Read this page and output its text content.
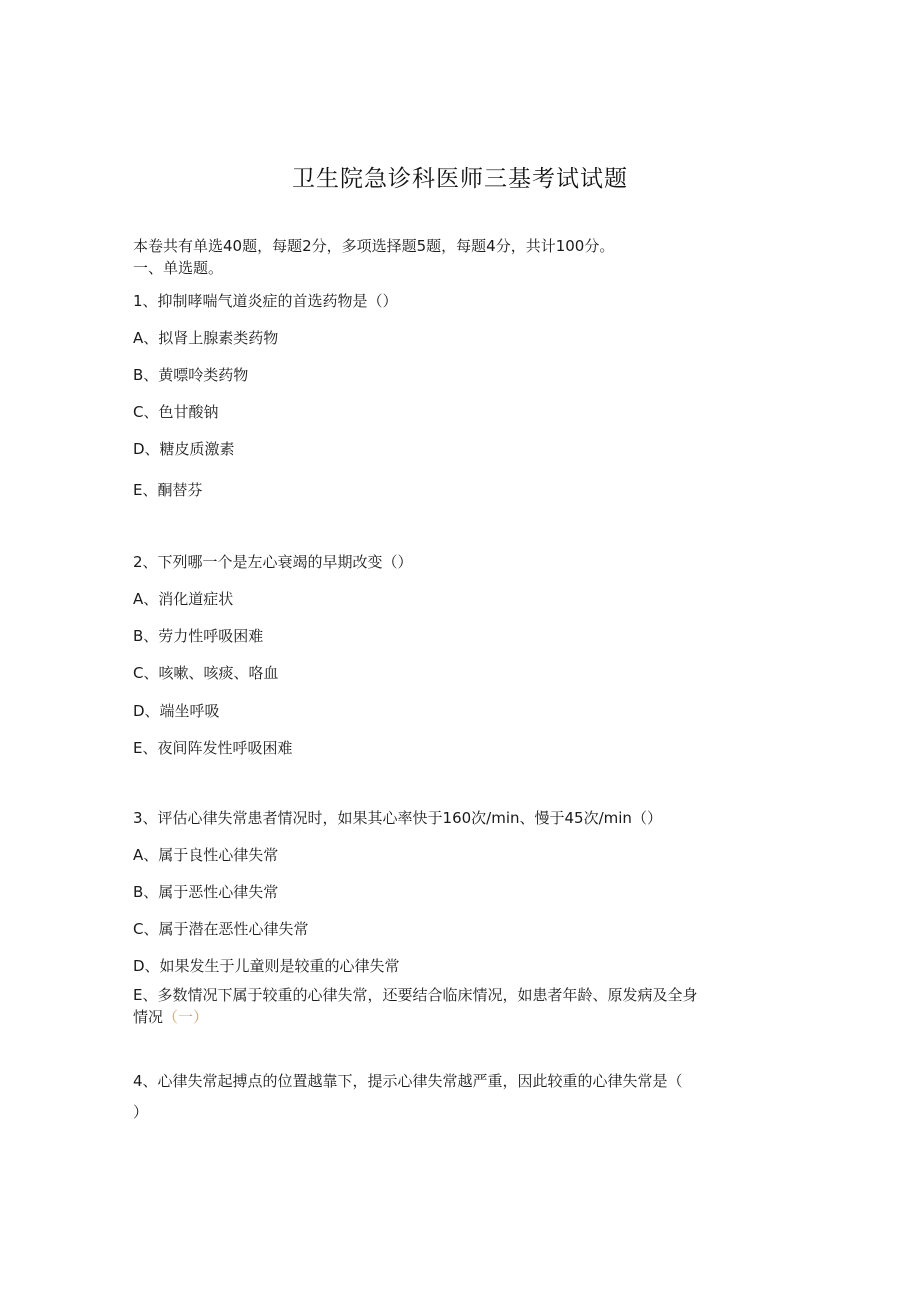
卫生院急诊科医师三基考试试题
本卷共有单选40题，每题2分，多项选择题5题，每题4分，共计100分。
一、单选题。
1、抑制哮喘气道炎症的首选药物是（）
A、拟肾上腺素类药物
B、黄嘌呤类药物
C、色甘酸钠
D、糖皮质激素
E、酮替芬
2、下列哪一个是左心衰竭的早期改变（）
A、消化道症状
B、劳力性呼吸困难
C、咳嗽、咳痰、咯血
D、端坐呼吸
E、夜间阵发性呼吸困难
3、评估心律失常患者情况时，如果其心率快于160次/min、慢于45次/min（）
A、属于良性心律失常
B、属于恶性心律失常
C、属于潜在恶性心律失常
D、如果发生于儿童则是较重的心律失常
E、多数情况下属于较重的心律失常，还要结合临床情况，如患者年龄、原发病及全身
情况（一）
4、心律失常起搏点的位置越靠下，提示心律失常越严重，因此较重的心律失常是（
）
